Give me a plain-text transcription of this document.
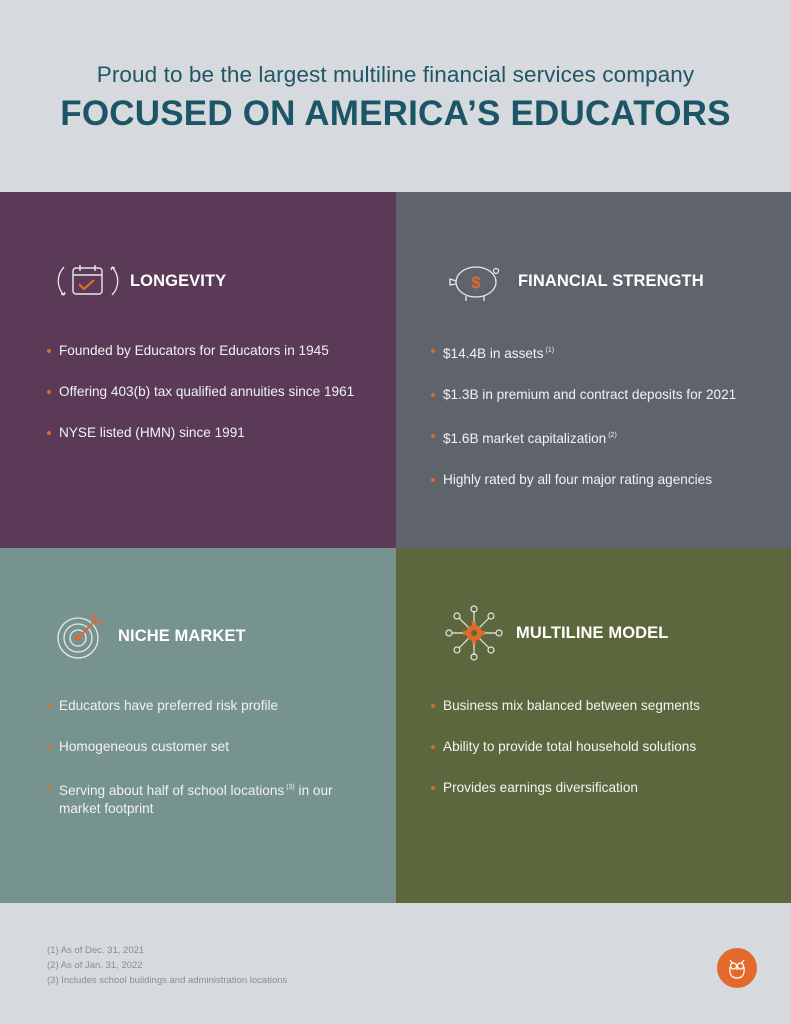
Proud to be the largest multiline financial services company
FOCUSED ON AMERICA’S EDUCATORS
LONGEVITY
Founded by Educators for Educators in 1945
Offering 403(b) tax qualified annuities since 1961
NYSE listed (HMN) since 1991
$ FINANCIAL STRENGTH
$14.4B in assets $^{(1)}$
$1.3B in premium and contract deposits for 2021
$1.6B market capitalization $^{(2)}$
Highly rated by all four major rating agencies
NICHE MARKET
Educators have preferred risk profile
Homogeneous customer set
Serving about half of school locations $^{(3)}$ in our
market footprint
MULTILINE MODEL
Business mix balanced between segments
Ability to provide total household solutions
Provides earnings diversification
(1) As of Dec. 31, 2021
(2) As of Jan. 31, 2022
(3) Includes school buildings and administration locations
